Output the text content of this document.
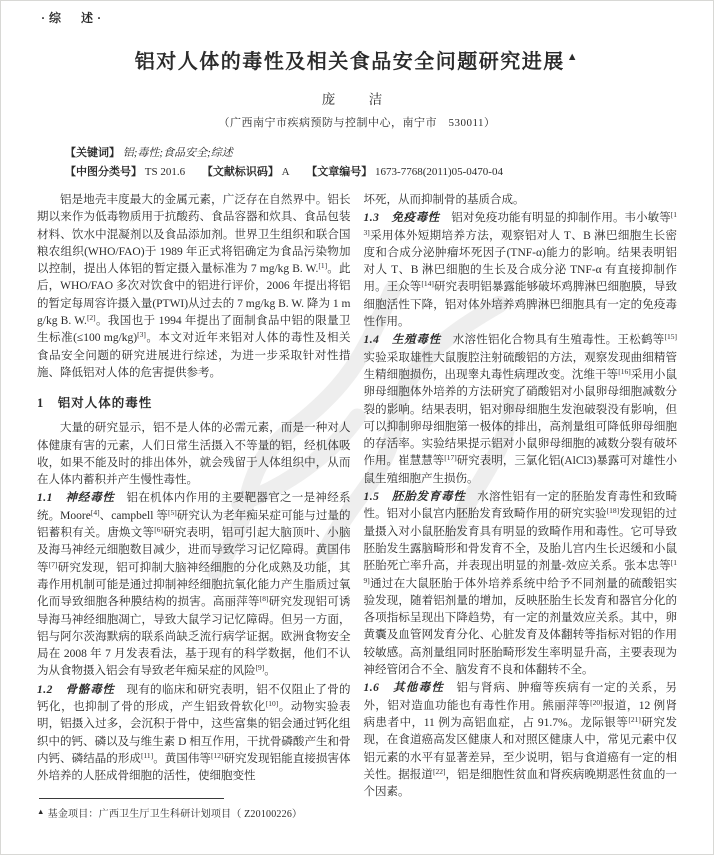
·综　述·
铝对人体的毒性及相关食品安全问题研究进展 ▲
庞　洁
（广西南宁市疾病预防与控制中心，南宁市　530011）
【关键词】 铝;毒性;食品安全;综述
【中图分类号】 TS 201.6 【文献标识码】 A 【文章编号】 1673-7768(2011)05-0470-04

铝是地壳丰度最大的金属元素，广泛存在自然界中。铝长期以来作为低毒物质用于抗酸药、食品容器和炊具、食品包装材料、饮水中混凝剂以及食品添加剂。世界卫生组织和联合国粮农组织(WHO/FAO)于 1989 年正式将铝确定为食品污染物加以控制，提出人体铝的暂定摄入量标准为 7 mg/kg B. W.[1]。此后，WHO/FAO 多次对饮食中的铝进行评价，2006 年提出将铝的暂定每周容许摄入量(PTWI)从过去的 7 mg/kg B. W. 降为 1 mg/kg B. W.[2]。我国也于 1994 年提出了面制食品中铝的限量卫生标准(≤100 mg/kg)[3]。本文对近年来铝对人体的毒性及相关食品安全问题的研究进展进行综述，为进一步采取针对性措施、降低铝对人体的危害提供参考。

1　铝对人体的毒性

大量的研究显示，铝不是人体的必需元素，而是一种对人体健康有害的元素，人们日常生活摄入不等量的铝，经机体吸收，如果不能及时的排出体外，就会残留于人体组织中，从而在人体内蓄积并产生慢性毒性。

1.1　神经毒性　 铝在机体内作用的主要靶器官之一是神经系统。Moore[4]、campbell 等[5]研究认为老年痴呆症可能与过量的铝蓄积有关。唐焕文等[6]研究表明，铝可引起大脑顶叶、小脑及海马神经元细胞数目减少，进而导致学习记忆障碍。黄国伟等[7]研究发现，铝可抑制大脑神经细胞的分化成熟及功能，其毒作用机制可能是通过抑制神经细胞抗氧化能力产生脂质过氧化而导致细胞各种膜结构的损害。高丽萍等[8]研究发现铝可诱导海马神经细胞凋亡，导致大鼠学习记忆障碍。但另一方面，铝与阿尔茨海默病的联系尚缺乏流行病学证据。欧洲食物安全局在 2008 年 7 月发表看法，基于现有的科学数据，他们不认为从食物摄入铝会有导致老年痴呆症的风险[9]。

1.2　骨骼毒性　 现有的临床和研究表明，铝不仅阻止了骨的钙化，也抑制了骨的形成，产生铝致骨软化[10]。动物实验表明，铝摄入过多，会沉积于骨中，这些富集的铝会通过钙化组织中的钙、磷以及与维生素 D 相互作用，干扰骨磷酸产生和骨内钙、磷结晶的形成[11]。黄国伟等[12]研究发现铝能直接损害体外培养的人胚成骨细胞的活性，使细胞变性

▲ 基金项目：广西卫生厅卫生科研计划项目（ Z20100226）

坏死，从而抑制骨的基质合成。

1.3　免疫毒性　 铝对免疫功能有明显的抑制作用。韦小敏等[13]采用体外短期培养方法，观察铝对人 T、B 淋巴细胞生长密度和合成分泌肿瘤坏死因子(TNF-α)能力的影响。结果表明铝对人 T、B 淋巴细胞的生长及合成分泌 TNF-α 有直接抑制作用。王众等[14]研究表明铝暴露能够破坏鸡脾淋巴细胞膜，导致细胞活性下降，铝对体外培养鸡脾淋巴细胞具有一定的免疫毒性作用。

1.4　生殖毒性　 水溶性铝化合物具有生殖毒性。王松鹤等[15]实验采取雄性大鼠腹腔注射硫酸铝的方法，观察发现曲细精管生精细胞损伤，出现睾丸毒性病理改变。沈维干等[16]采用小鼠卵母细胞体外培养的方法研究了硝酸铝对小鼠卵母细胞减数分裂的影响。结果表明，铝对卵母细胞生发泡破裂没有影响，但可以抑制卵母细胞第一极体的排出，高剂量组可降低卵母细胞的存活率。实验结果提示铝对小鼠卵母细胞的减数分裂有破坏作用。崔慧慧等[17]研究表明，三氯化铝(AlCl3)暴露可对雄性小鼠生殖细胞产生损伤。

1.5　胚胎发育毒性　 水溶性铝有一定的胚胎发育毒性和致畸性。铝对小鼠宫内胚胎发育致畸作用的研究实验[18]发现铝的过量摄入对小鼠胚胎发育具有明显的致畸作用和毒性。它可导致胚胎发生露脑畸形和骨发育不全，及胎儿宫内生长迟缓和小鼠胚胎死亡率升高，并表现出明显的剂量-效应关系。张本忠等[19]通过在大鼠胚胎于体外培养系统中给予不同剂量的硫酸铝实验发现，随着铝剂量的增加，反映胚胎生长发育和器官分化的各项指标呈现出下降趋势，有一定的剂量效应关系。其中，卵黄囊及血管网发育分化、心脏发育及体翻转等指标对铝的作用较敏感。高剂量组同时胚胎畸形发生率明显升高，主要表现为神经管闭合不全、脑发育不良和体翻转不全。

1.6　其他毒性　 铝与肾病、肿瘤等疾病有一定的关系，另外，铝对造血功能也有毒性作用。熊丽萍等[20]报道，12 例肾病患者中，11 例为高铝血症，占 91.7%。龙际银等[21]研究发现，在食道癌高发区健康人和对照区健康人中，常见元素中仅铝元素的水平有显著差异，至少说明，铝与食道癌有一定的相关性。据报道[22]，铝是细胞性贫血和肾疾病晚期恶性贫血的一个因素。
